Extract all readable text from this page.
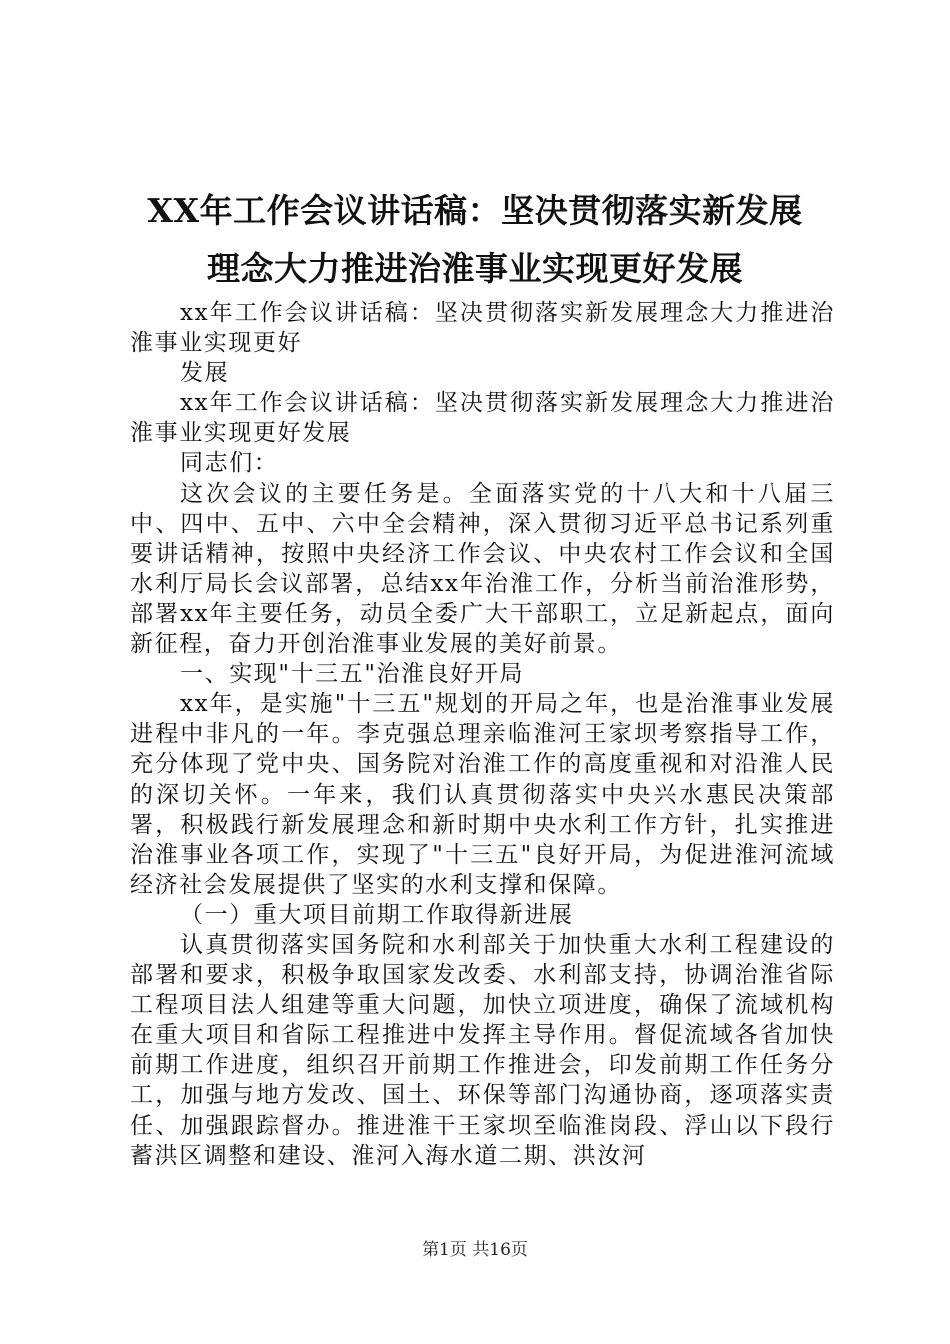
XX年工作会议讲话稿：坚决贯彻落实新发展
理念大力推进治淮事业实现更好发展

xx年工作会议讲话稿：坚决贯彻落实新发展理念大力推进治淮事业实现更好

发展

xx年工作会议讲话稿：坚决贯彻落实新发展理念大力推进治淮事业实现更好发展

同志们：

这次会议的主要任务是。全面落实党的十八大和十八届三中、四中、五中、六中全会精神，深入贯彻习近平总书记系列重要讲话精神，按照中央经济工作会议、中央农村工作会议和全国水利厅局长会议部署，总结xx年治淮工作，分析当前治淮形势，部署xx年主要任务，动员全委广大干部职工，立足新起点，面向新征程，奋力开创治淮事业发展的美好前景。

一、实现"十三五"治淮良好开局

xx年，是实施"十三五"规划的开局之年，也是治淮事业发展进程中非凡的一年。李克强总理亲临淮河王家坝考察指导工作，充分体现了党中央、国务院对治淮工作的高度重视和对沿淮人民的深切关怀。一年来，我们认真贯彻落实中央兴水惠民决策部署，积极践行新发展理念和新时期中央水利工作方针，扎实推进治淮事业各项工作，实现了"十三五"良好开局，为促进淮河流域经济社会发展提供了坚实的水利支撑和保障。

（一）重大项目前期工作取得新进展

认真贯彻落实国务院和水利部关于加快重大水利工程建设的部署和要求，积极争取国家发改委、水利部支持，协调治淮省际工程项目法人组建等重大问题，加快立项进度，确保了流域机构在重大项目和省际工程推进中发挥主导作用。督促流域各省加快前期工作进度，组织召开前期工作推进会，印发前期工作任务分工，加强与地方发改、国土、环保等部门沟通协商，逐项落实责任、加强跟踪督办。推进淮干王家坝至临淮岗段、浮山以下段行蓄洪区调整和建设、淮河入海水道二期、洪汝河

第1页 共16页
